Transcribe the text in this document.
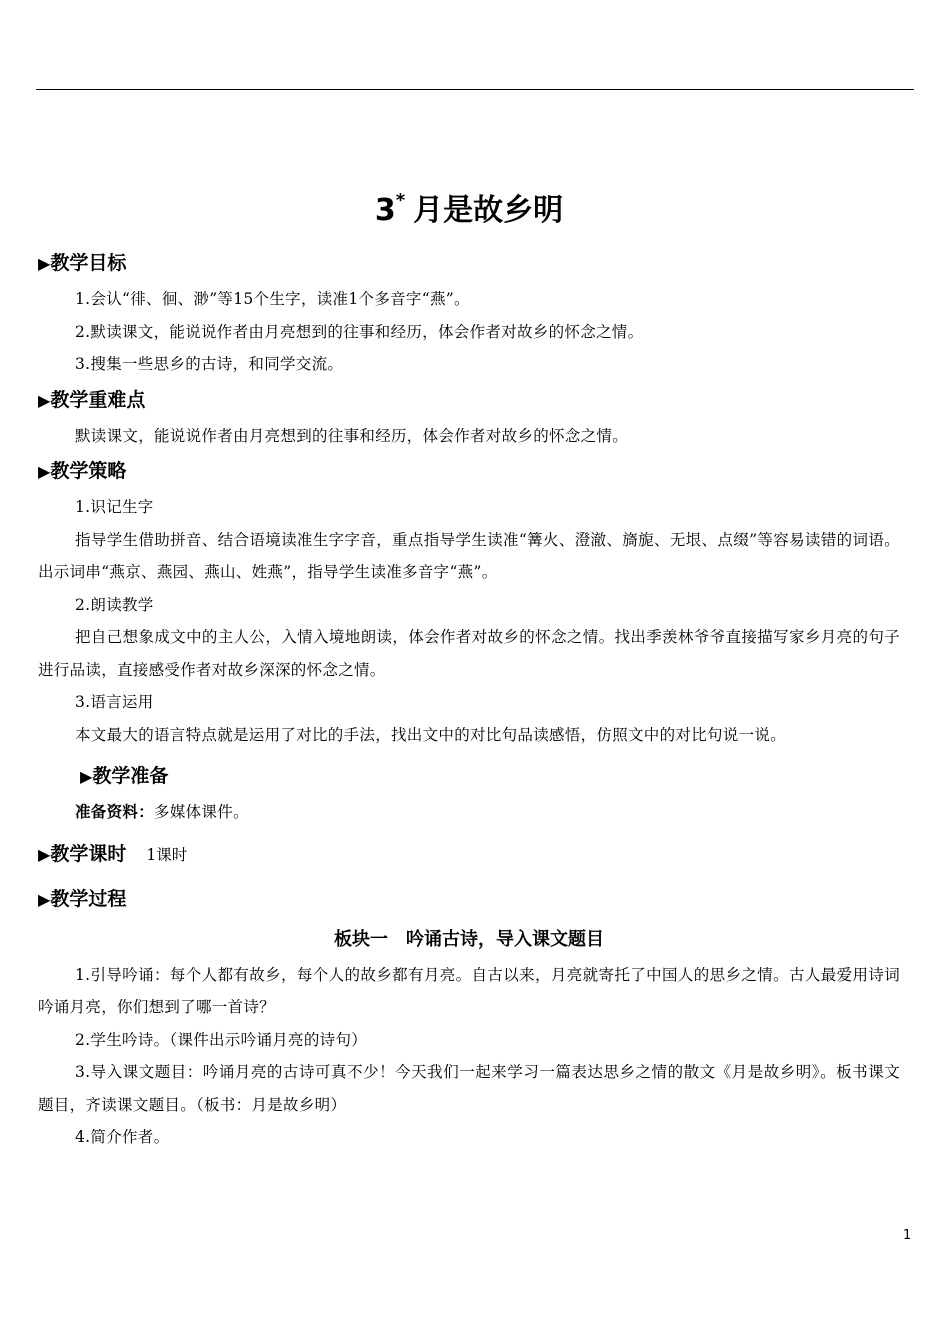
3* 月是故乡明

▶教学目标

1.会认“徘、徊、渺”等15个生字，读准1个多音字“燕”。

2.默读课文，能说说作者由月亮想到的往事和经历，体会作者对故乡的怀念之情。

3.搜集一些思乡的古诗，和同学交流。

▶教学重难点

默读课文，能说说作者由月亮想到的往事和经历，体会作者对故乡的怀念之情。

▶教学策略

1.识记生字

指导学生借助拼音、结合语境读准生字字音，重点指导学生读准“篝火、澄澈、旖旎、无垠、点缀”等容易读错的词语。出示词串“燕京、燕园、燕山、姓燕”，指导学生读准多音字“燕”。

2.朗读教学

把自己想象成文中的主人公，入情入境地朗读，体会作者对故乡的怀念之情。找出季羡林爷爷直接描写家乡月亮的句子进行品读，直接感受作者对故乡深深的怀念之情。

3.语言运用

本文最大的语言特点就是运用了对比的手法，找出文中的对比句品读感悟，仿照文中的对比句说一说。

▶教学准备

准备资料：多媒体课件。

▶教学课时 1课时

▶教学过程

板块一　吟诵古诗，导入课文题目

1.引导吟诵：每个人都有故乡，每个人的故乡都有月亮。自古以来，月亮就寄托了中国人的思乡之情。古人最爱用诗词吟诵月亮，你们想到了哪一首诗？

2.学生吟诗。（课件出示吟诵月亮的诗句）

3.导入课文题目：吟诵月亮的古诗可真不少！今天我们一起来学习一篇表达思乡之情的散文《月是故乡明》。板书课文题目，齐读课文题目。（板书：月是故乡明）

4.简介作者。

1
